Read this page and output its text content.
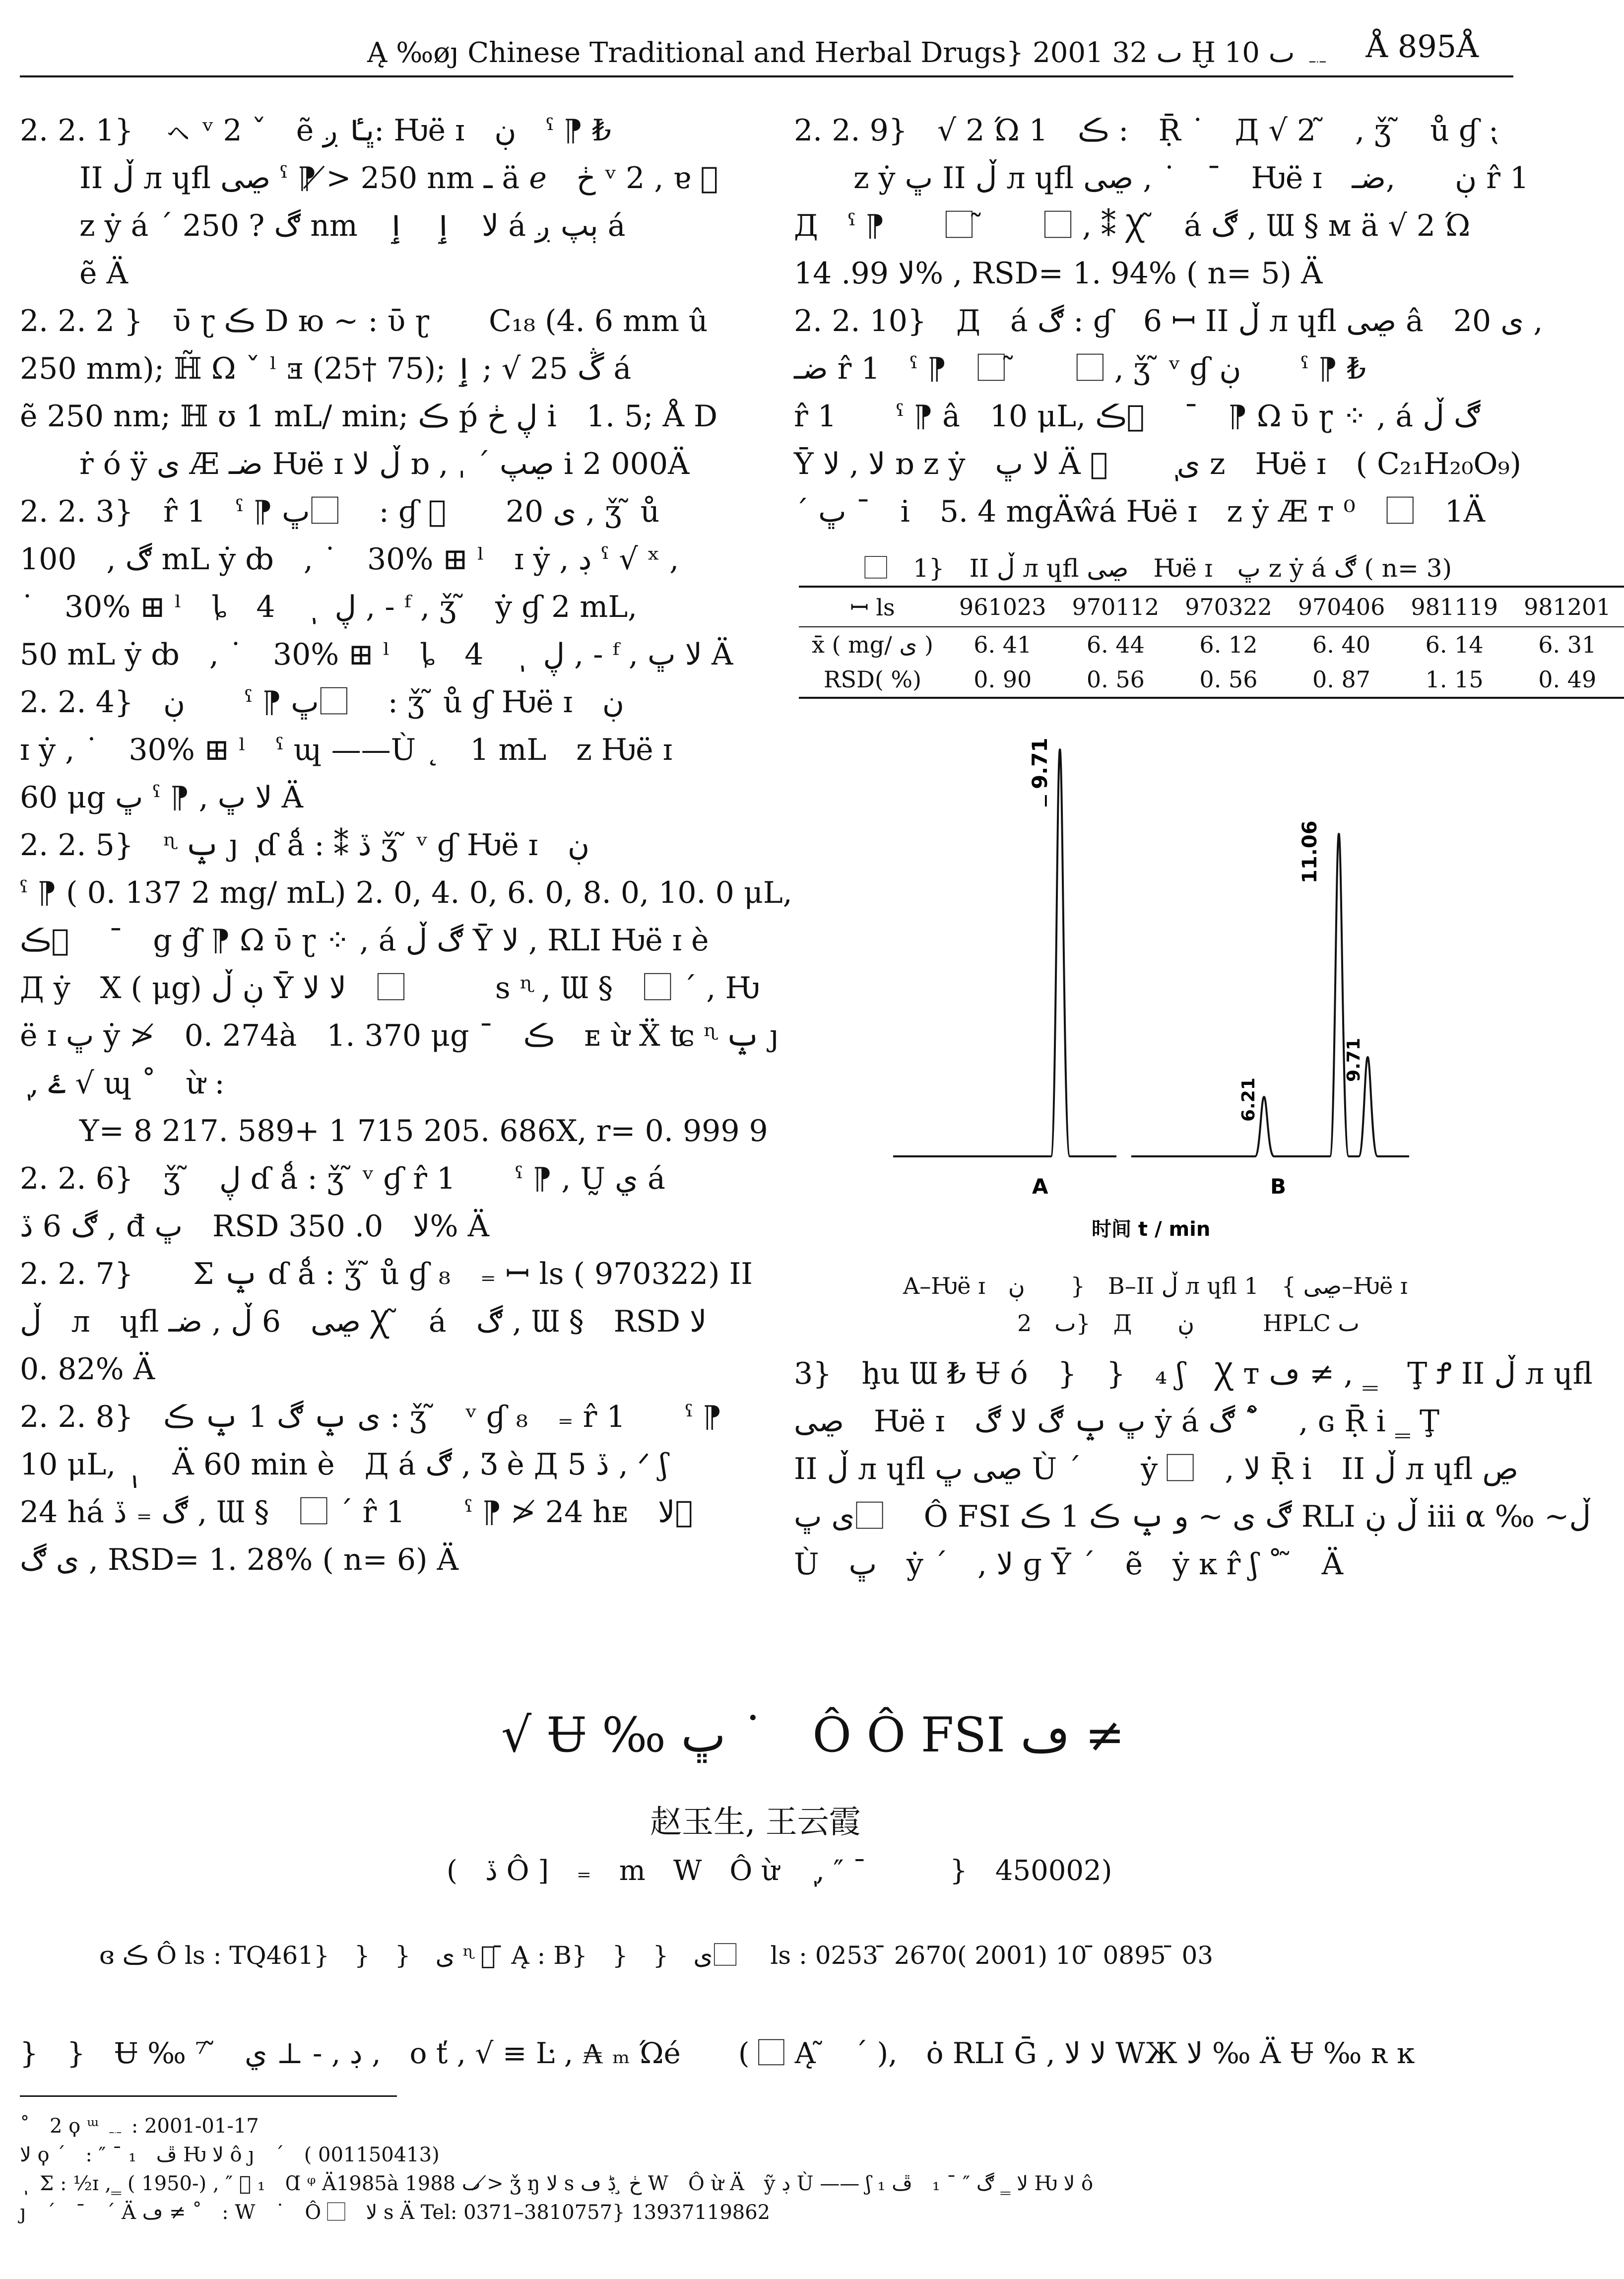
Ą ‰øȷ Chinese Traditional and Herbal Drugs} 2001 ٮ 32 Ḫ ٮ 10 ﹎ Å 895Å

2. 2. 1}　ㇸ ᵛ 2 ˇ　ẽ ڀٵ ږ: Ƕë ɪ　ڹ　ˁ ⁋ ₺

II ڵ л ɥﬂ ڝى ˁ ⁋ ≯ 250 nm ـ ä ℯ　ڂ ᵛ 2 , ɐ ⃞

z ẏ á ˊ ڰ ? 250 nm　ﻻ　ٳ　ٳ á ٻپ ږ á

ẽ Ä

2. 2. 2 }　ῡ ɽ ڪ D ю ~ : ῡ ɽ　　C₁₈ (4. 6 mm û

250 mm); ℍ̃ Ω ˇ ˡ ⱻ (25† 75); ڴ 25 √ ; ٳ á

ẽ 250 nm; ℍ ʊ 1 mL/ min; ڪ ṕ ڸ ڂ i　1. 5; Å D

ṙ ó ÿ ى Æ ضـ Ƕë ɪ ڵ ﻻ ɒ , ˌ ˊ ڝپ i 2 000Ä

2. 2. 3}　r̂ 1　ˁ ⁋ ڀ　⃞ : ɠ ⃞　　20 ى , ǯ ̃ ů

ڰ ,　100 mL ẏ ȸ　, ˙　30% ⊞ ˡ　ɪ ẏ , ڊ ˁ √ ˣ ,

˙　30% ⊞ ˡ　ȴ　4　ٖ　ڸ , - ᶠ , ǯ ̃　ẏ ɠ 2 mL,

50 mL ẏ ȸ　, ˙　30% ⊞ ˡ　ȴ　4　ٖ　ڸ , - ᶠ , ﻻ ڀ Ä

2. 2. 4}　ڹ　　ˁ ⁋ ڀ　⃞ : ǯ ̃ ů ɠ Ƕë ɪ　ڹ

ɪ ẏ , ˙　30% ⊞ ˡ　ˁ ɰ ——Ù ˛　1 mL　z Ƕë ɪ

60 μg ڀ ˁ ⁋ , ﻻ ڀ Ä

2. 2. 5}　ᶯ ݒ ȷ ٖ ɗ ǻ : ⁑ ڏ ǯ ̃ ᵛ ɠ Ƕë ɪ　ڹ

ˁ ⁋ ( 0. 137 2 mg/ mL) 2. 0, 4. 0, 6. 0, 8. 0, 10. 0 μL,

ڪ ⃞　ˉ　g ɠ̃ ⁋ Ω ῡ ɽ ⁘ , á ڰ ڵ Ȳ ﻻ , RLI Ƕë ɪ è

Д ẏ　X ( μg) ڹ ڵ Ȳ ﻻ ﻻ　　⃞　　s ᶯ , Ɯ §　⃞ ˊ , Ƕ

ë ɪ ڀ ẏ ≯　0. 274à　1. 370 μg ˉ　ڪ　ᴇ ừ Ẍ ʨ ᶯ ݒ ȷ

ٖ , ۓ √ ɰ ˚　ừ :

Y= 8 217. 589+ 1 715 205. 686X, r= 0. 999 9

2. 2. 6}　ǯ ̃　ڸ ɗ ǻ : ǯ ̃ ᵛ ɠ r̂ 1　　ˁ ⁋ , Ṵ ي á

ڰ 6 ڏ , đ ڀ　RSD ﻻ　0. 350% Ä

2. 2. 7}　　Σ ݒ ɗ ǻ : ǯ ̃ ů ɠ ₈　₌ ꟷ ls ( 970322) II

ڵ　л　ɥﬂ ڝى　6 ڵ , ضـ Ꭓ ̃　á　ڰ , Ɯ §　RSD ﻻ

0. 82% Ä

2. 2. 8}　ى ݒ ڰ 1 ݒ ڪ : ǯ ̃　ᵛ ɠ ₈　₌ r̂ 1　　ˁ ⁋

10 μL, ٖ ٖ　Ä 60 min è　Д á ڰ , Ʒ è Д 5 ڏ , ᐟ ʃ

24 há ڰ ₌ ڏ , Ɯ §　⃞ ˊ r̂ 1　　ˁ ⁋ ≯ 24 hᴇ　ﻻ ⃞

ى ڰ , RSD= 1. 28% ( n= 6) Ä

2. 2. 9}　√ 2 Ώ 1　ڪ :　Ṝ ˙　Д √ 2 ̃　, ǯ ̃　ů ɠ ⁏

z ẏ ڀ II ڵ л ɥﬂ ڝى , ˙　ˉ　Ƕë ɪ　ڹ　　,ضـ r̂ 1

Д　ˁ ⁋　　⃞ ̃　　⃞ , ⁑ Ꭓ ̃　á ڰ , Ɯ § ᴍ ä √ 2 Ώ

ﻻ 99. 14% , RSD= 1. 94% ( n= 5) Ä

2. 2. 10}　Д　á ڰ : ɠ　6 ꟷ II ڵ л ɥﬂ ڝى â　20 ى ,

ضـ r̂ 1　ˁ ⁋　⃞ ̃　　⃞ , ǯ ̃ ᵛ ɠ ڹ　　ˁ ⁋ ₺

r̂ 1　　ˁ ⁋ â　10 μL, ڪ ⃞　ˉ　⁋ Ω ῡ ɽ ⁘ , á ڰ ڵ

Ȳ ﻻ , ﻻ ɒ z ẏ　ﻻ ڀ Ä ⃞　　ٖ ى z　Ƕë ɪ　( C₂₁H₂₀O₉)

ˊ ڀ ˉ　i　5. 4 mgÄŵá Ƕë ɪ　z ẏ Æ ᴛ ⁰　⃞　1Ä

⃞　1}　II ڵ л ɥﬂ ڝى　Ƕë ɪ　ڀ z ẏ á ڰ ( n= 3)
ꟷ ls	961023	970112	970322	970406	981119	981201
x̄ ( mg/ ى )	6. 41	6. 44	6. 12	6. 40	6. 14	6. 31
RSD( %)	0. 90	0. 56	0. 56	0. 87	1. 15	0. 49
9.71
ı
11.06
6.21
9.71
A	B
时间 t / min
A–Ƕë ɪ　ڹ　　}　B–II ڵ л ɥﬂ ڝى }　1–Ƕë ɪ
ٮ　2}　Д　　ڹ　　　HPLC ٮ

3}　ḩu Ɯ ₺ Ʉ ó　}　}　₄ ʃ　Ꭓ ᴛ ڡ ≠ , ‗　Ţ Ꝭ II ڵ л ɥﬂ

ڝى　Ƕë ɪ　ڀ ݒ ڰ ﻻ ڰ ẏ á ڰ ˚ ̃　, ɢ Ṝ i ‗ Ţ

II ڵ л ɥﬂ ڝى ڀ Ù ˊ　　ẏ ⃞　, ﻻ Ṝ i　II ڵ л ɥﬂ ڝ

ى ڀ　⃞ Ô FSI ڰ ى ~ و ݒ ڪ 1 ڪ RLI ڵ ڹ iii α ‰ ~ڵ

Ù　ڀ　ẏ ˊ　, ﻻ ɡ Ȳ ˊ　ẽ　ẏ ĸ r̂ ʃ ˚ ̃　Ä

√ Ʉ ‰ ڀ ˙　Ô Ô FSI ڡ ≠
赵玉生, 王云霞
(　ڏ Ô ]　₌　m　W　Ô ừ　ٖ , ″ ˉ　　　}　450002)
ɞ ڪ Ô ls : TQ461}　}　}　ى ᶯ ⃞ ̄ Ą : B}　}　}　ى　⃞ ls : 0253 ̄ 2670( 2001) 10 ̄ 0895 ̄ 03
}　}　Ʉ ‰ ⁷ ̃　ڊ , - ⊥ ي ,　o ť , √ ≡ Ŀ , ₳ ₘ Ώé　　( ⃞ Ą ̃　ˊ ),　ȯ RLI Ḡ , ﻻ ﻻ WЖ ﻻ ‰ Ä Ʉ ‰ ʀ ĸ
˚　2 ϙ ᵚ ﹎ : 2001-01-17
ﻻ ϙ ˊ　: ″ ˉ ₁　ڦ Ƕ ﻻ ô ȷ　ˊ　( 001150413)
ٖ　Σ : ½ɪ ,‗ ( 1950-) , ″ ⃞ ₁　Ɑ ᵠ Ä1985à 1988 ٮ ≯ ǯ ŋ ﻻ s ڂ ̧ ڋ ڡ W　Ô ừ Ä　ỹ ڊ Ù —— ʃ ₁ ﻻ ‗ ڰ ″ ˉ ₁　ڦ Ƕ ﻻ ô
ȷ　ˊ　ˉ　ˊ Ä ڡ ≠ ˚　: W　˙　Ô ⃞　ﻻ s Ä Tel: 0371–3810757} 13937119862
